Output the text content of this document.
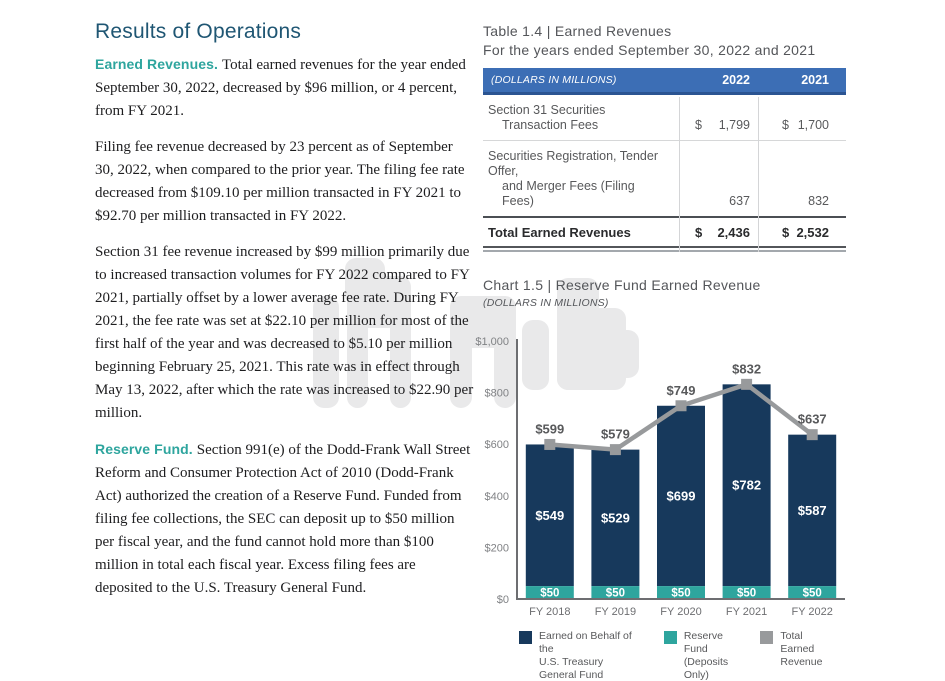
Results of Operations

Earned Revenues. Total earned revenues for the year ended September 30, 2022, decreased by $96 million, or 4 percent, from FY 2021.

Filing fee revenue decreased by 23 percent as of September 30, 2022, when compared to the prior year. The filing fee rate decreased from $109.10 per million transacted in FY 2021 to $92.70 per million transacted in FY 2022.

Section 31 fee revenue increased by $99 million primarily due to increased transaction volumes for FY 2022 compared to FY 2021, partially offset by a lower average fee rate. During FY 2021, the fee rate was set at $22.10 per million for most of the first half of the year and was decreased to $5.10 per million beginning February 25, 2021. This rate was in effect through May 13, 2022, after which the rate was increased to $22.90 per million.

Reserve Fund. Section 991(e) of the Dodd-Frank Wall Street Reform and Consumer Protection Act of 2010 (Dodd-Frank Act) authorized the creation of a Reserve Fund. Funded from filing fee collections, the SEC can deposit up to $50 million per fiscal year, and the fund cannot hold more than $100 million in total each fiscal year. Excess filing fees are deposited to the U.S. Treasury General Fund.

Table 1.4 | Earned Revenues
For the years ended September 30, 2022 and 2021
(DOLLARS IN MILLIONS)	2022	2021
Section 31 Securities
Transaction Fees	$ 1,799	$ 1,700
Securities Registration, Tender Offer,
and Merger Fees (Filing Fees)	637	832
Total Earned Revenues	$ 2,436 $ 2,532
Chart 1.5 | Reserve Fund Earned Revenue
(DOLLARS IN MILLIONS)
$549
$50
$529
$50
$699
$50
$782
$50
$587
$50
$599	$579
$749
$832
$637
$0
$200
$400
$600
$800
$1,000
FY 2018 FY 2019 FY 2020 FY 2021 FY 2022
Earned on Behalf of the
U.S. Treasury General Fund
Reserve Fund
(Deposits Only)
Total Earned
Revenue
